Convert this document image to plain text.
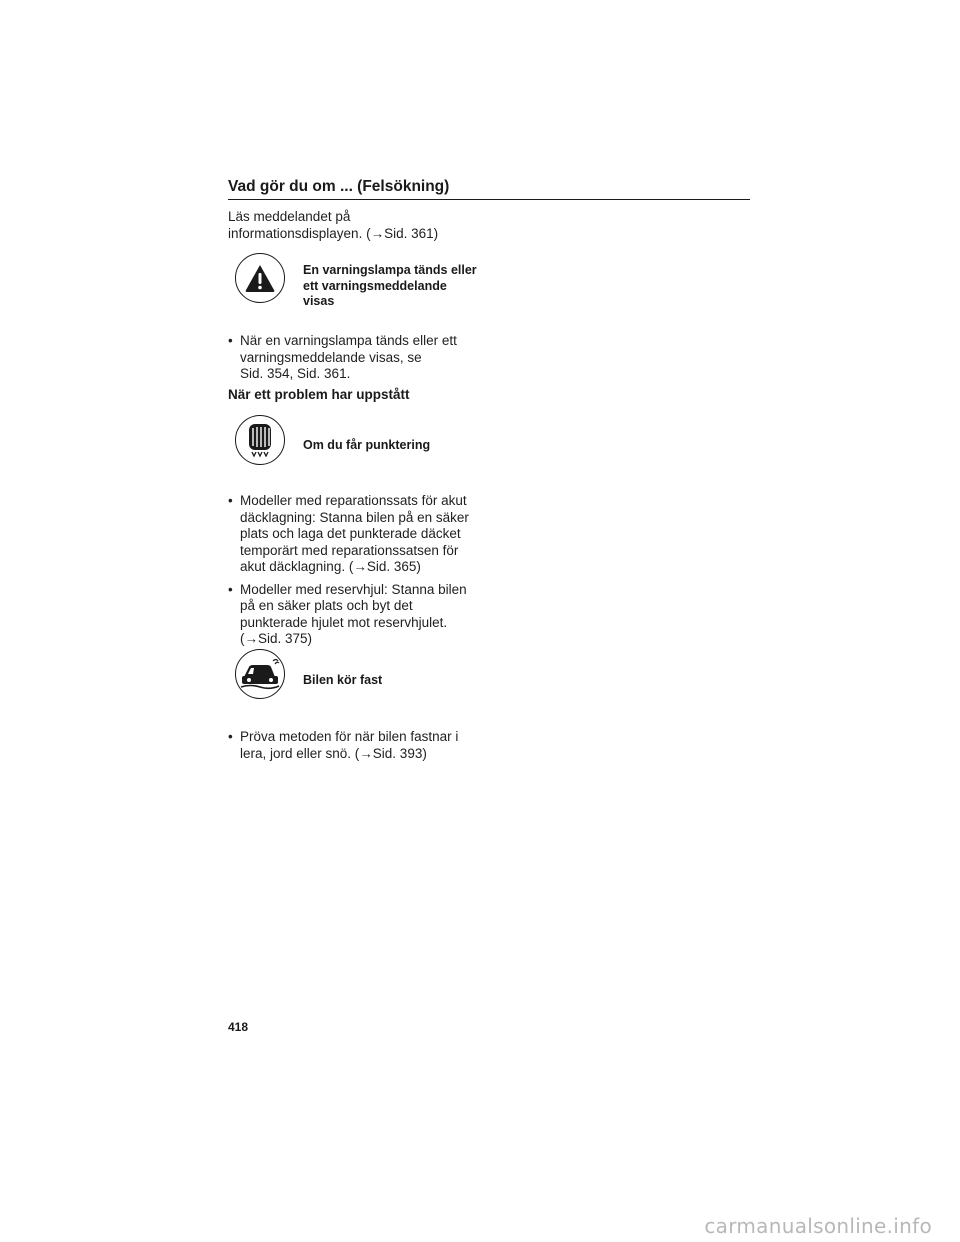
Vad gör du om ... (Felsökning)
Läs meddelandet på
informationsdisplayen. (→Sid. 361)
En varningslampa tänds eller
ett varningsmeddelande
visas
• När en varningslampa tänds eller ett
varningsmeddelande visas, se
Sid. 354, Sid. 361.
När ett problem har uppstått
Om du får punktering
• Modeller med reparationssats för akut
däcklagning: Stanna bilen på en säker
plats och laga det punkterade däcket
temporärt med reparationssatsen för
akut däcklagning. (→Sid. 365)
• Modeller med reservhjul: Stanna bilen
på en säker plats och byt det
punkterade hjulet mot reservhjulet.
(→Sid. 375)
Bilen kör fast
• Pröva metoden för när bilen fastnar i
lera, jord eller snö. (→Sid. 393)
418
carmanualsonline.info
